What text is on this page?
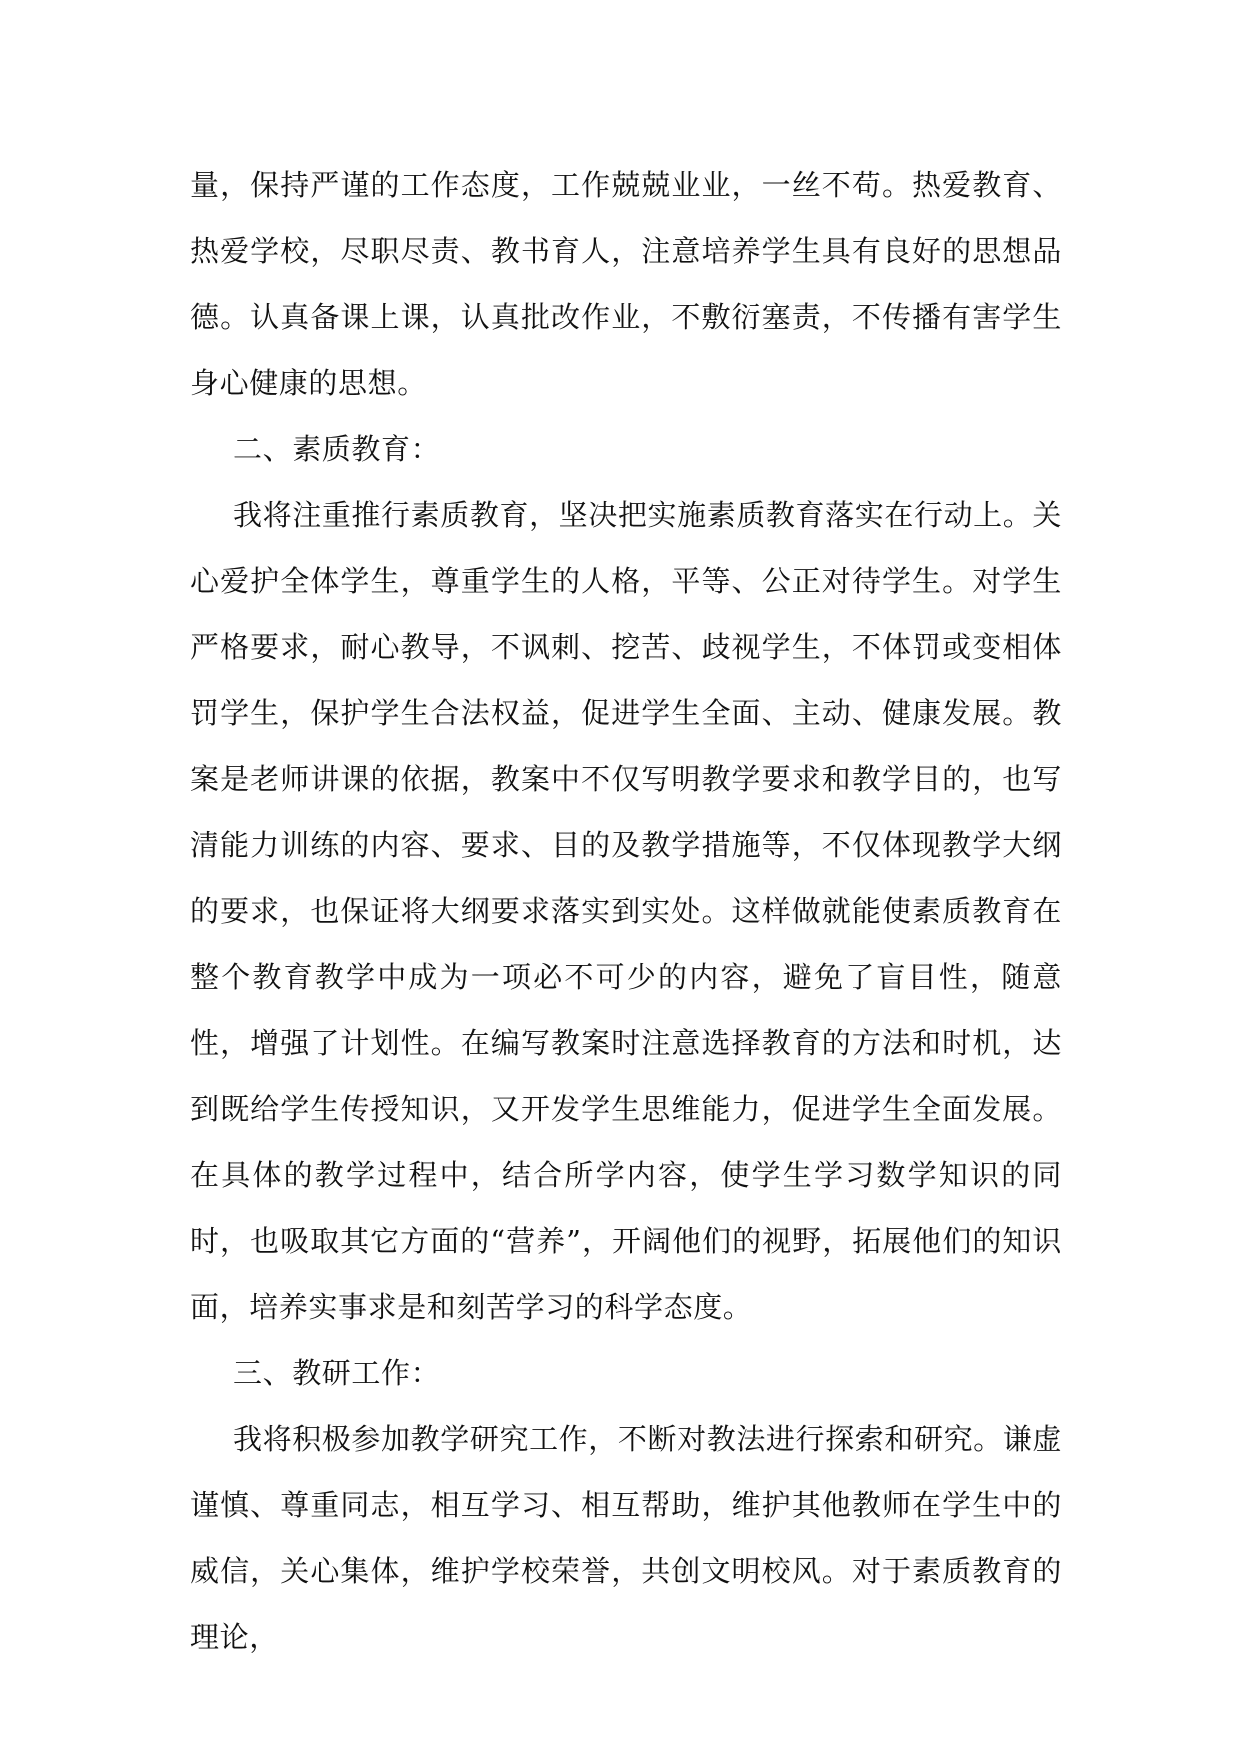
量，保持严谨的工作态度，工作兢兢业业，一丝不苟。热爱教育、热爱学校，尽职尽责、教书育人，注意培养学生具有良好的思想品德。认真备课上课，认真批改作业，不敷衍塞责，不传播有害学生身心健康的思想。

二、素质教育：

我将注重推行素质教育，坚决把实施素质教育落实在行动上。关心爱护全体学生，尊重学生的人格，平等、公正对待学生。对学生严格要求，耐心教导，不讽刺、挖苦、歧视学生，不体罚或变相体罚学生，保护学生合法权益，促进学生全面、主动、健康发展。教案是老师讲课的依据，教案中不仅写明教学要求和教学目的，也写清能力训练的内容、要求、目的及教学措施等，不仅体现教学大纲的要求，也保证将大纲要求落实到实处。这样做就能使素质教育在整个教育教学中成为一项必不可少的内容，避免了盲目性，随意性，增强了计划性。在编写教案时注意选择教育的方法和时机，达到既给学生传授知识，又开发学生思维能力，促进学生全面发展。在具体的教学过程中，结合所学内容，使学生学习数学知识的同时，也吸取其它方面的“营养”，开阔他们的视野，拓展他们的知识面，培养实事求是和刻苦学习的科学态度。

三、教研工作：

我将积极参加教学研究工作，不断对教法进行探索和研究。谦虚谨慎、尊重同志，相互学习、相互帮助，维护其他教师在学生中的威信，关心集体，维护学校荣誉，共创文明校风。对于素质教育的理论，
